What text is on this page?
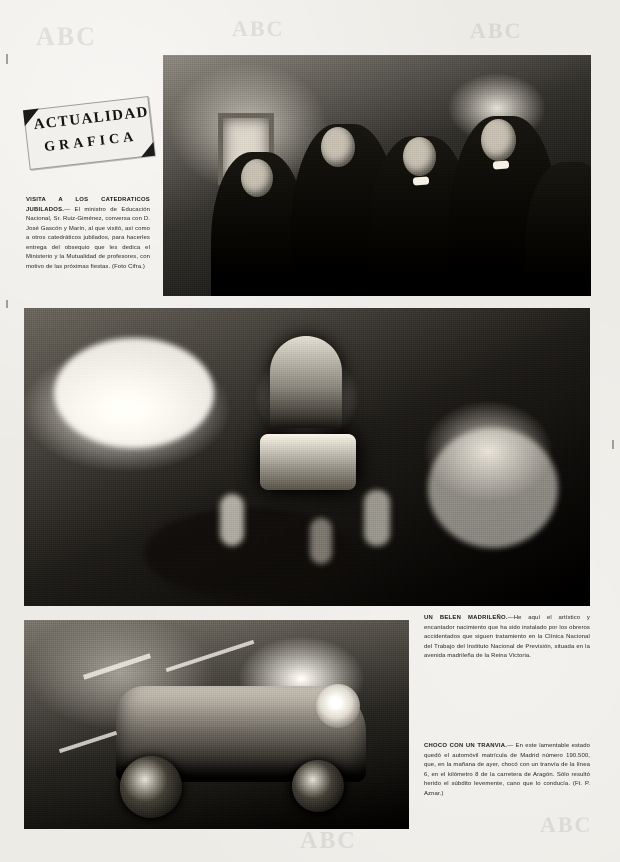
ABC	ABC	ABC
ABC
ABC
ACTUALIDAD
GRAFICA
VISITA A LOS CATEDRATICOS JUBILADOS.— El ministro de Educación Nacional, Sr. Ruiz-Giménez, conversa con D. José Gascón y Marín, al que visitó, así como a otros catedráticos jubilados, para hacerles entrega del obsequio que les dedica el Ministerio y la Mutualidad de profesores, con motivo de las próximas fiestas. (Foto Cifra.)
UN BELEN MADRILEÑO.—He aquí el artístico y encantador nacimiento que ha sido instalado por los obreros accidentados que siguen tratamiento en la Clínica Nacional del Trabajo del Instituto Nacional de Previsión, situada en la avenida madrileña de la Reina Victoria.
CHOCO CON UN TRANVIA.— En este lamentable estado quedó el automóvil matrícula de Madrid número 190.500, que, en la mañana de ayer, chocó con un tranvía de la línea 6, en el kilómetro 8 de la carretera de Aragón. Sólo resultó herido el súbdito levemente, cano que lo conducía. (Ft. P. Aznar.)
